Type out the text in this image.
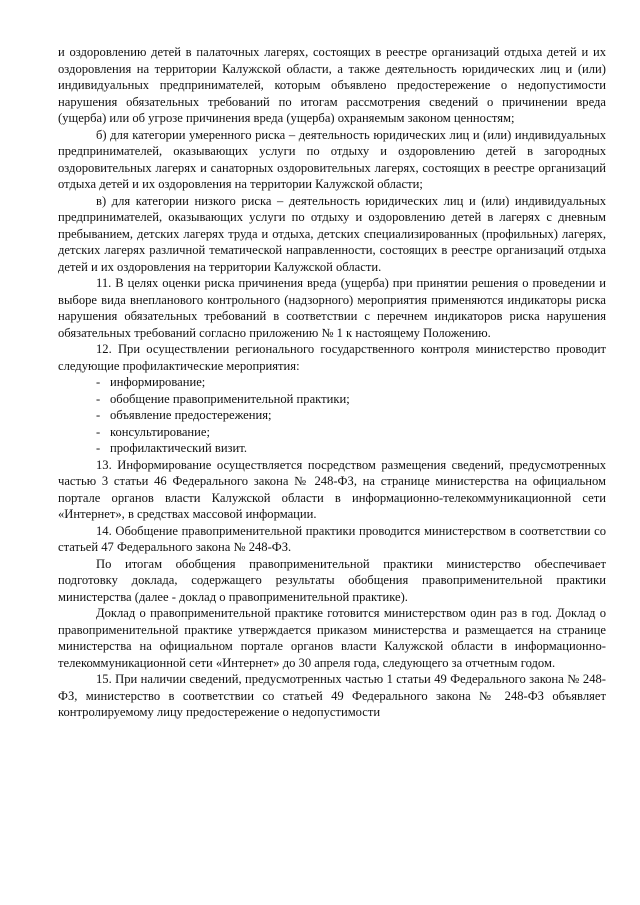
и оздоровлению детей в палаточных лагерях, состоящих в реестре организаций отдыха детей и их оздоровления на территории Калужской области, а также деятельность юридических лиц и (или) индивидуальных предпринимателей, которым объявлено предостережение о недопустимости нарушения обязательных требований по итогам рассмотрения сведений о причинении вреда (ущерба) или об угрозе причинения вреда (ущерба) охраняемым законом ценностям;

б) для категории умеренного риска – деятельность юридических лиц и (или) индивидуальных предпринимателей, оказывающих услуги по отдыху и оздоровлению детей в загородных оздоровительных лагерях и санаторных оздоровительных лагерях, состоящих в реестре организаций отдыха детей и их оздоровления на территории Калужской области;

в) для категории низкого риска – деятельность юридических лиц и (или) индивидуальных предпринимателей, оказывающих услуги по отдыху и оздоровлению детей в лагерях с дневным пребыванием, детских лагерях труда и отдыха, детских специализированных (профильных) лагерях, детских лагерях различной тематической направленности, состоящих в реестре организаций отдыха детей и их оздоровления на территории Калужской области.

11. В целях оценки риска причинения вреда (ущерба) при принятии решения о проведении и выборе вида внепланового контрольного (надзорного) мероприятия применяются индикаторы риска нарушения обязательных требований в соответствии с перечнем индикаторов риска нарушения обязательных требований согласно приложению № 1 к настоящему Положению.

12. При осуществлении регионального государственного контроля министерство проводит следующие профилактические мероприятия:

- информирование;
- обобщение правоприменительной практики;
- объявление предостережения;
- консультирование;
- профилактический визит.

13. Информирование осуществляется посредством размещения сведений, предусмотренных частью 3 статьи 46 Федерального закона № 248-ФЗ, на странице министерства на официальном портале органов власти Калужской области в информационно-телекоммуникационной сети «Интернет», в средствах массовой информации.

14. Обобщение правоприменительной практики проводится министерством в соответствии со статьей 47 Федерального закона № 248-ФЗ.

По итогам обобщения правоприменительной практики министерство обеспечивает подготовку доклада, содержащего результаты обобщения правоприменительной практики министерства (далее - доклад о правоприменительной практике).

Доклад о правоприменительной практике готовится министерством один раз в год. Доклад о правоприменительной практике утверждается приказом министерства и размещается на странице министерства на официальном портале органов власти Калужской области в информационно-телекоммуникационной сети «Интернет» до 30 апреля года, следующего за отчетным годом.

15. При наличии сведений, предусмотренных частью 1 статьи 49 Федерального закона № 248-ФЗ, министерство в соответствии со статьей 49 Федерального закона № 248-ФЗ объявляет контролируемому лицу предостережение о недопустимости
